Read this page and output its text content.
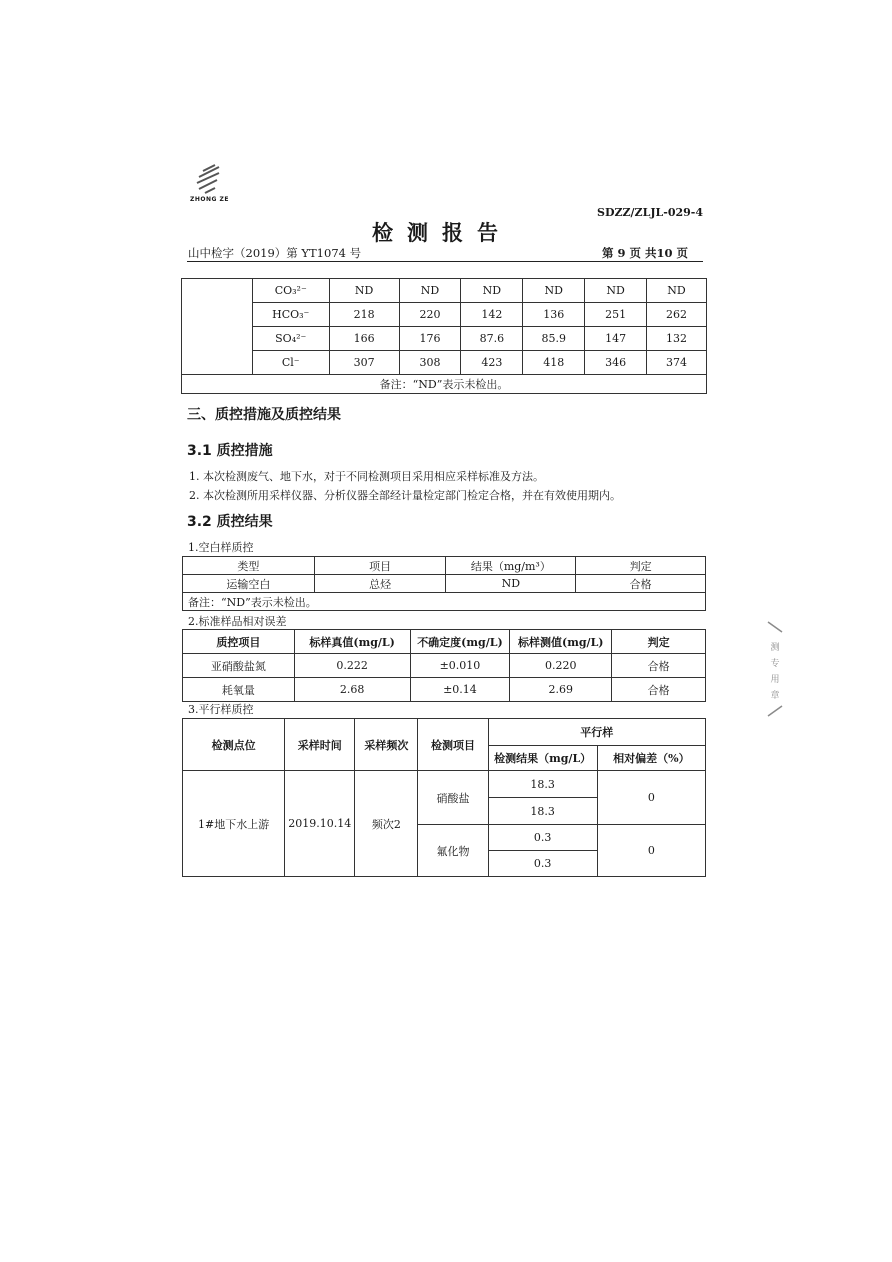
ZHONG ZE
SDZZ/ZLJL-029-4
检测报告
山中检字（2019）第 YT1074 号	第 9 页 共10 页
	CO₃²⁻	ND	ND	ND	ND	ND	ND
	HCO₃⁻	218	220	142	136	251	262
	SO₄²⁻	166	176	87.6	85.9	147	132
	Cl⁻	307	308	423	418	346	374
备注：“ND”表示未检出。							
三、质控措施及质控结果
3.1 质控措施
1. 本次检测废气、地下水，对于不同检测项目采用相应采样标准及方法。
2. 本次检测所用采样仪器、分析仪器全部经计量检定部门检定合格，并在有效使用期内。
3.2 质控结果
1.空白样质控
类型	项目	结果（mg/m³）	判定
运输空白	总烃	ND	合格
备注：“ND”表示未检出。			
2.标准样品相对误差
质控项目	标样真值(mg/L)	不确定度(mg/L)	标样测值(mg/L)	判定
亚硝酸盐氮	0.222	±0.010	0.220	合格
耗氧量	2.68	±0.14	2.69	合格
3.平行样质控
检测点位	采样时间	采样频次	检测项目	平行样	
				检测结果（mg/L）	相对偏差（%）
1#地下水上游	2019.10.14	频次2	硝酸盐	18.3	0
				18.3	
			氟化物	0.3	0
				0.3	
测
专
用
章
